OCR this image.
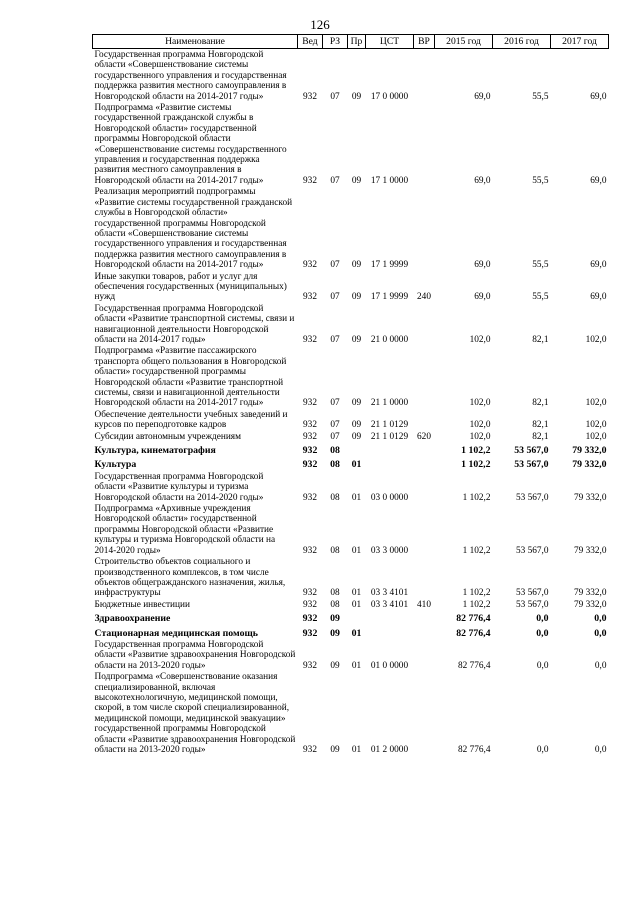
126
Наименование	Вед	РЗ	Пр	ЦСТ	ВР	2015 год	2016 год	2017 год
Государственная программа Новгородской области «Совершенствование системы государственного управления и государственная поддержка развития местного самоуправления в Новгородской области на 2014-2017 годы»	932	07	09	17 0 0000		69,0	55,5	69,0
Подпрограмма «Развитие системы государственной гражданской службы в Новгородской области» государственной программы Новгородской области «Совершенствование системы государственного управления и государственная поддержка развития местного самоуправления в Новгородской области на 2014-2017 годы»	932	07	09	17 1 0000		69,0	55,5	69,0
Реализация мероприятий подпрограммы «Развитие системы государственной гражданской службы в Новгородской области» государственной программы Новгородской области «Совершенствование системы государственного управления и государственная поддержка развития местного самоуправления в Новгородской области на 2014-2017 годы»	932	07	09	17 1 9999		69,0	55,5	69,0
Иные закупки товаров, работ и услуг для обеспечения государственных (муниципальных) нужд	932	07	09	17 1 9999	240	69,0	55,5	69,0
Государственная программа Новгородской области «Развитие транспортной системы, связи и навигационной деятельности Новгородской области на 2014-2017 годы»	932	07	09	21 0 0000		102,0	82,1	102,0
Подпрограмма «Развитие пассажирского транспорта общего пользования в Новгородской области» государственной программы Новгородской области «Развитие транспортной системы, связи и навигационной деятельности Новгородской области на 2014-2017 годы»	932	07	09	21 1 0000		102,0	82,1	102,0
Обеспечение деятельности учебных заведений и курсов по переподготовке кадров	932	07	09	21 1 0129		102,0	82,1	102,0
Субсидии автономным учреждениям	932	07	09	21 1 0129	620	102,0	82,1	102,0
Культура, кинематография	932	08				1 102,2	53 567,0	79 332,0
Культура	932	08	01			1 102,2	53 567,0	79 332,0
Государственная программа Новгородской области «Развитие культуры и туризма Новгородской области на 2014-2020 годы»	932	08	01	03 0 0000		1 102,2	53 567,0	79 332,0
Подпрограмма «Архивные учреждения Новгородской области» государственной программы Новгородской области «Развитие культуры и туризма Новгородской области на 2014-2020 годы»	932	08	01	03 3 0000		1 102,2	53 567,0	79 332,0
Строительство объектов социального и производственного комплексов, в том числе объектов общегражданского назначения, жилья, инфраструктуры	932	08	01	03 3 4101		1 102,2	53 567,0	79 332,0
Бюджетные инвестиции	932	08	01	03 3 4101	410	1 102,2	53 567,0	79 332,0
Здравоохранение	932	09				82 776,4	0,0	0,0
Стационарная медицинская помощь	932	09	01			82 776,4	0,0	0,0
Государственная программа Новгородской области «Развитие здравоохранения Новгородской области на 2013-2020 годы»	932	09	01	01 0 0000		82 776,4	0,0	0,0
Подпрограмма «Совершенствование оказания специализированной, включая высокотехнологичную, медицинской помощи, скорой, в том числе скорой специализированной, медицинской помощи, медицинской эвакуации» государственной программы Новгородской области «Развитие здравоохранения Новгородской области на 2013-2020 годы»	932	09	01	01 2 0000		82 776,4	0,0	0,0
